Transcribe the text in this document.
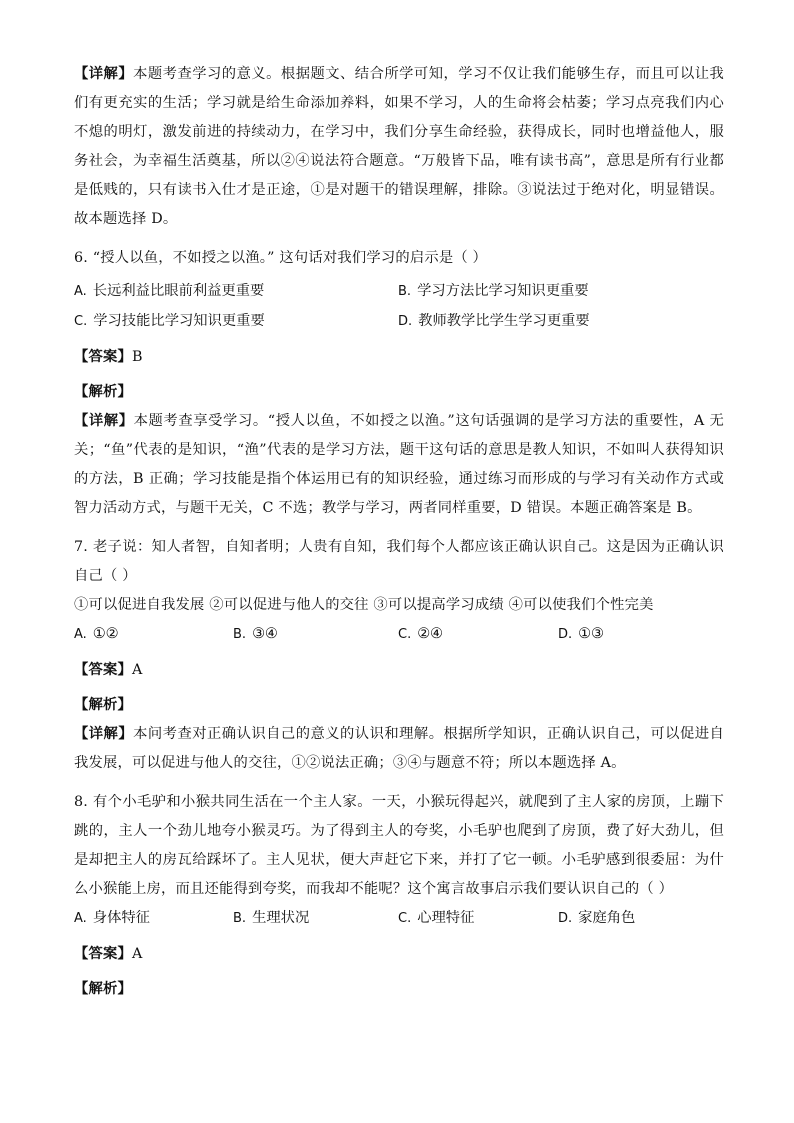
【详解】本题考查学习的意义。根据题文、结合所学可知，学习不仅让我们能够生存，而且可以让我们有更充实的生活；学习就是给生命添加养料，如果不学习，人的生命将会枯萎；学习点亮我们内心不熄的明灯，激发前进的持续动力，在学习中，我们分享生命经验，获得成长，同时也增益他人，服务社会，为幸福生活奠基，所以②④说法符合题意。“万般皆下品，唯有读书高”，意思是所有行业都是低贱的，只有读书入仕才是正途，①是对题干的错误理解，排除。③说法过于绝对化，明显错误。故本题选择 D。

6. “授人以鱼，不如授之以渔。” 这句话对我们学习的启示是（ ）

A. 长远利益比眼前利益更重要	B. 学习方法比学习知识更重要
C. 学习技能比学习知识更重要	D. 教师教学比学生学习更重要

【答案】B

【解析】

【详解】本题考查享受学习。“授人以鱼，不如授之以渔。”这句话强调的是学习方法的重要性，A 无关；“鱼”代表的是知识，“渔”代表的是学习方法，题干这句话的意思是教人知识，不如叫人获得知识的方法，B 正确；学习技能是指个体运用已有的知识经验，通过练习而形成的与学习有关动作方式或智力活动方式，与题干无关，C 不选；教学与学习，两者同样重要，D 错误。本题正确答案是 B。

7. 老子说：知人者智，自知者明；人贵有自知，我们每个人都应该正确认识自己。这是因为正确认识自己（ ）

①可以促进自我发展 ②可以促进与他人的交往 ③可以提高学习成绩 ④可以使我们个性完美

A. ①②	B. ③④	C. ②④	D. ①③

【答案】A

【解析】

【详解】本问考查对正确认识自己的意义的认识和理解。根据所学知识，正确认识自己，可以促进自我发展，可以促进与他人的交往，①②说法正确；③④与题意不符；所以本题选择 A。

8. 有个小毛驴和小猴共同生活在一个主人家。一天，小猴玩得起兴，就爬到了主人家的房顶，上蹦下跳的，主人一个劲儿地夸小猴灵巧。为了得到主人的夸奖，小毛驴也爬到了房顶，费了好大劲儿，但是却把主人的房瓦给踩坏了。主人见状，便大声赶它下来，并打了它一顿。小毛驴感到很委屈：为什么小猴能上房，而且还能得到夸奖，而我却不能呢？这个寓言故事启示我们要认识自己的（ ）

A. 身体特征	B. 生理状况	C. 心理特征	D. 家庭角色

【答案】A

【解析】
